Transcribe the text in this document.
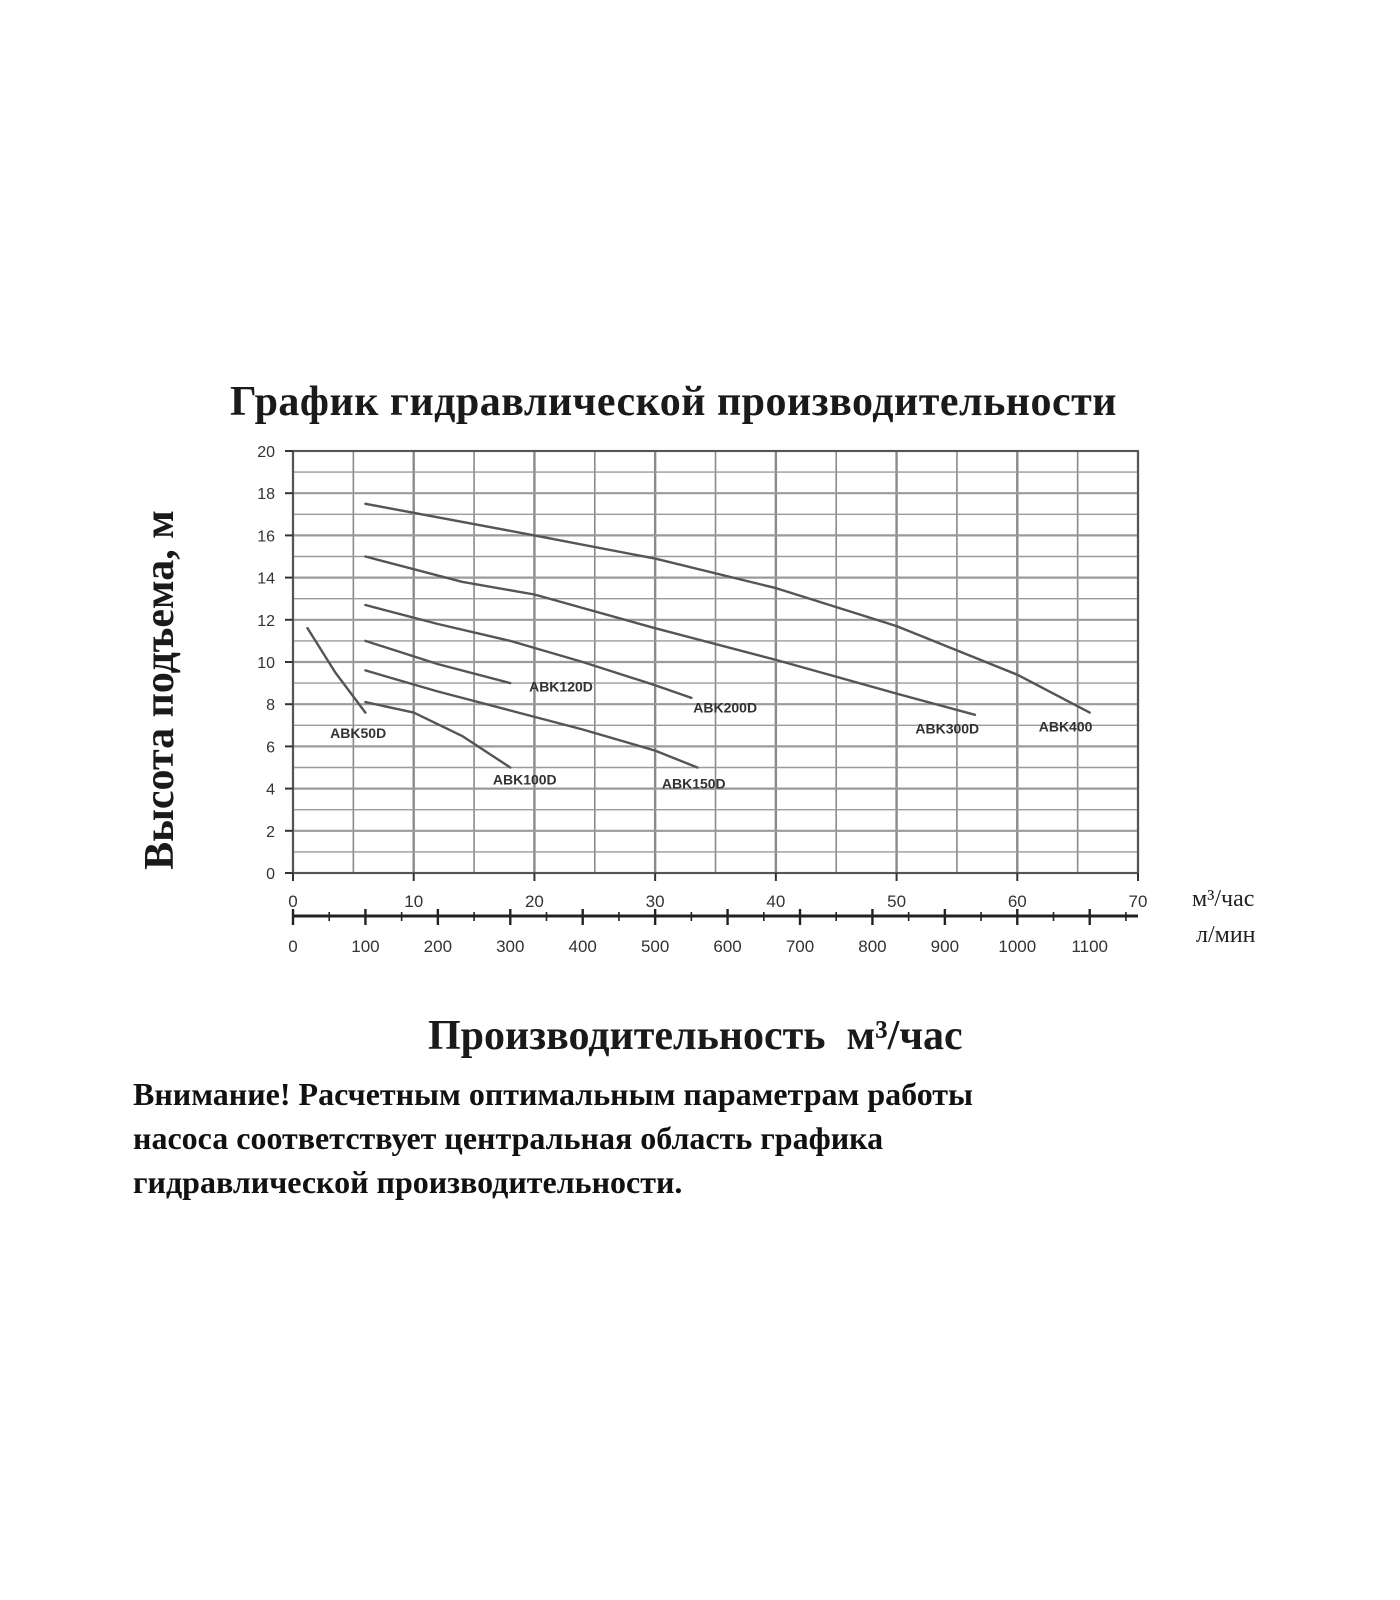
График гидравлической производительности
Высота подъема, м
0
2
4
6
8
10
12
14
16
18
20
0	10	20	30	40	50	60	70
0	100	200	300	400	500	600	700	800	900 1000 1100
ABK50D
ABK100D
ABK120D
ABK150D
ABK200D
ABK300D	ABK400
м³/час
л/мин
Производительность м³/час
Внимание! Расчетным оптимальным параметрам работы
насоса соответствует центральная область графика
гидравлической производительности.
